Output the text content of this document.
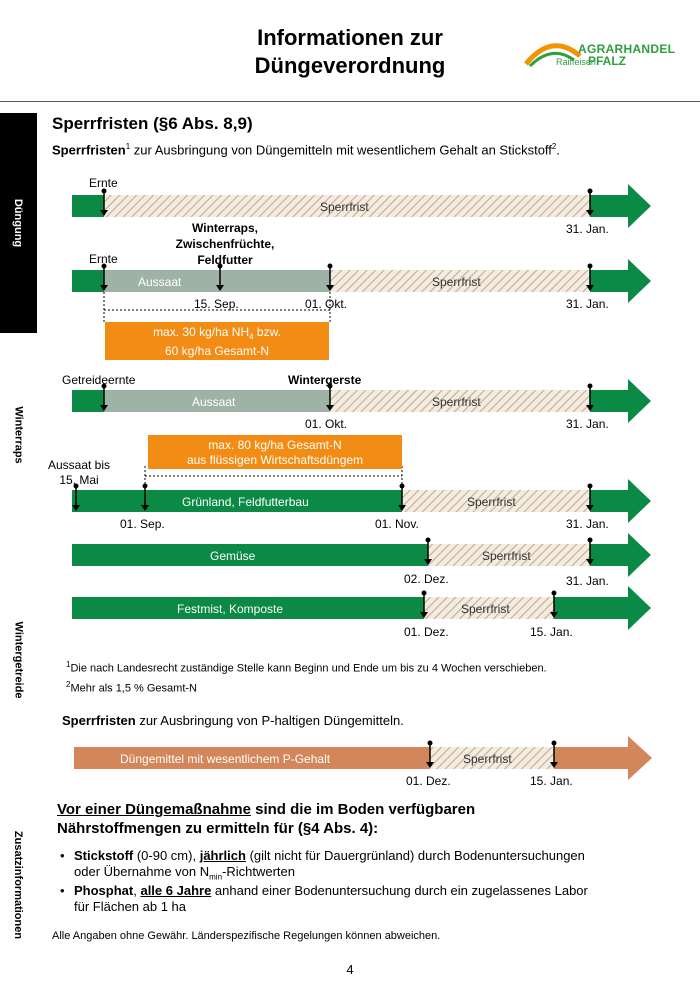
Informationen zur
Düngeverordnung
AGRARHANDEL
Raiffeisen
PFALZ
Düngung
Winterraps
Wintergetreide
Zusatzinformationen
Sperrfristen (§6 Abs. 8,9)
Sperrfristen$^1$ zur Ausbringung von Düngemitteln mit wesentlichem Gehalt an Stickstoff$^2$.
Ernte
Sperrfrist
31. Jan.
Winterraps,
Zwischenfrüchte,
Feldfutter
Ernte
Aussaat	Sperrfrist
15. Sep.	01. Okt.	31. Jan.
max. 30 kg/ha $NH_4$ bzw.
60 kg/ha Gesamt-N
Getreideernte	Wintergerste
Aussaat	Sperrfrist
01. Okt.	31. Jan.
max. 80 kg/ha Gesamt-N
aus flüssigen Wirtschaftsdüngem
Aussaat bis
15. Mai
Grünland, Feldfutterbau	Sperrfrist
01. Sep.	01. Nov.	31. Jan.
Gemüse	Sperrfrist
02. Dez.	31. Jan.
Festmist, Komposte	Sperrfrist
01. Dez.	15. Jan.
$^1$Die nach Landesrecht zuständige Stelle kann Beginn und Ende um bis zu 4 Wochen verschieben.
$^2$Mehr als 1,5 % Gesamt-N
Sperrfristen zur Ausbringung von P-haltigen Düngemitteln.
Düngemittel mit wesentlichem P-Gehalt	Sperrfrist
01. Dez.	15. Jan.
Vor einer Düngemaßnahme sind die im Boden verfügbaren
Nährstoffmengen zu ermitteln für (§4 Abs. 4):
• Stickstoff (0-90 cm), jährlich (gilt nicht für Dauergrünland) durch Bodenuntersuchungen
oder Übernahme von $N_{min}$-Richtwerten
• Phosphat, alle 6 Jahre anhand einer Bodenuntersuchung durch ein zugelassenes Labor
für Flächen ab 1 ha
Alle Angaben ohne Gewähr. Länderspezifische Regelungen können abweichen.
4
